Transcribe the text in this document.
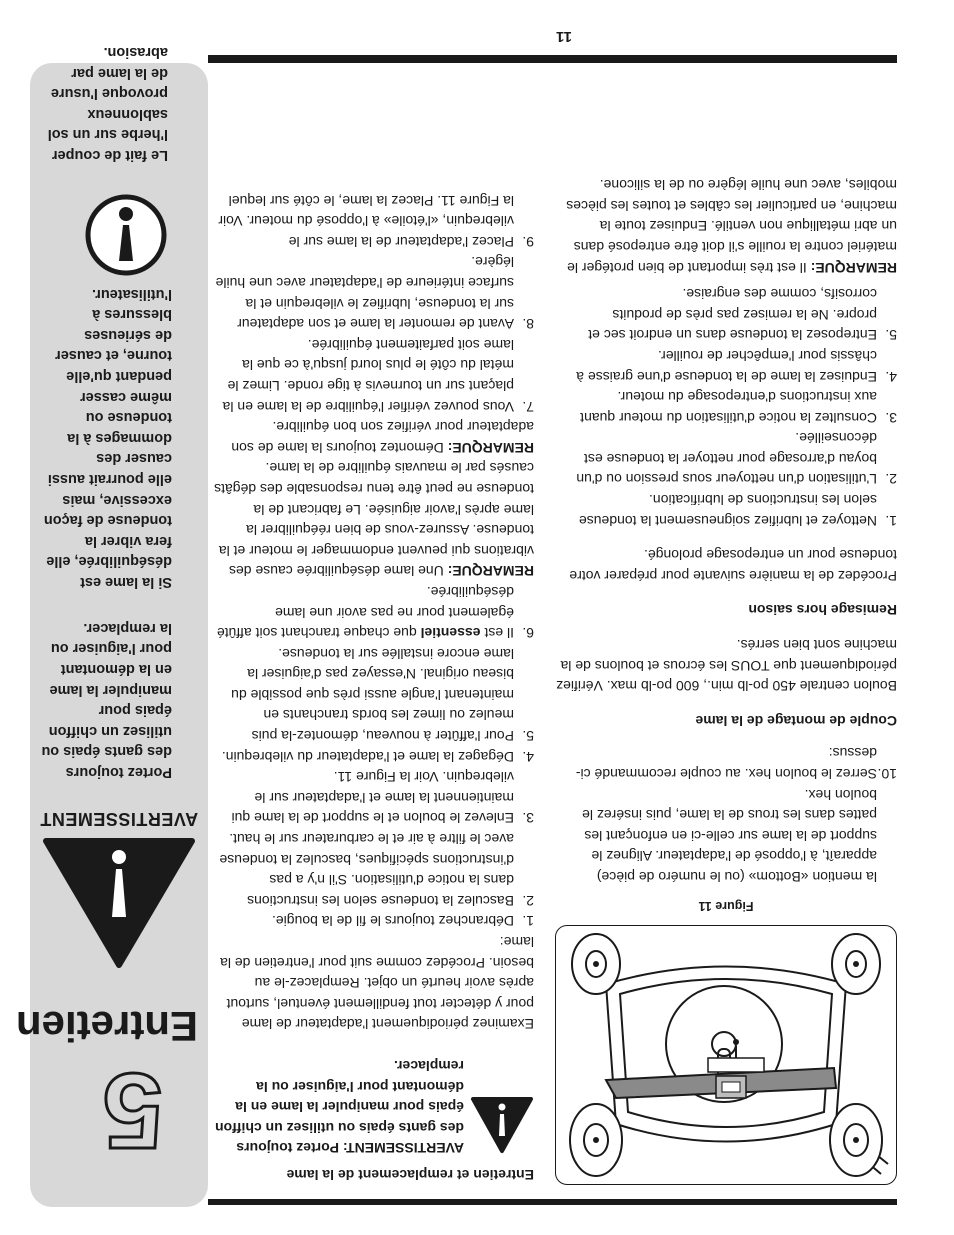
5
Entretien
AVERTISSEMENT
Portez toujours des gants épais ou utilisez un chiffon épais pour manipuler la lame en la démontant pour l'aiguiser ou la remplacer.
Si la lame est déséquilibrée, elle fera vibrer la tondeuse de façon excessive, mais elle pourrait aussi causer des dommages à la tondeuse ou même casser pendant qu'elle tourne, et causer de sérieuses blessures à l'utilisateur.
Le fait de couper l'herbe sur un sol sablonneux provoque l'usure de la lame par abrasion.
11

Entretien et remplacement de la lame

AVERTISSEMENT: Portez toujours des gants épais ou utilisez un chiffon épais pour manipuler la lame en la démontant pour l'aiguiser ou la remplacer.

Examinez périodiquement l'adaptateur de lame pour y détecter tout fendillement éventuel, surtout après avoir heurté un objet. Remplacez-le au besoin. Procédez comme suit pour l'entretien de la lame:

1.
Débranchez toujours le fil de la bougie.
2.
Basculez la tondeuse selon les instructions dans la notice d'utilisation. S'il n'y a pas d'instructions spécifiques, basculez la tondeuse avec le filtre à air et le carburateur sur le haut.
3.
Enlevez le boulon et le support de la lame qui maintiennent la lame et l'adaptateur sur le vilebrequin. Voir la Figure 11.
4.
Dégagez la lame et l'adaptateur du vilebrequin.
5.
Pour l'affûter à nouveau, démontez-la puis meulez ou limez les bords tranchants en maintenant l'angle aussi près que possible du biseau original. N'essayez pas d'aiguiser la lame encore installée sur la tondeuse.
6.
Il est essentiel que chaque tranchant soit affûté également pour ne pas avoir une lame déséquilibrée.

REMARQUE: Une lame déséquilibrée cause des vibrations qui peuvent endommager le moteur et la tondeuse. Assurez-vous de bien rééquilibrer la lame après l'avoir aiguisée. Le fabricant de la tondeuse ne peut être tenu responsable des dégâts causés par le mauvais équilibre de la lame.

REMARQUE: Démontez toujours la lame de son adaptateur pour vérifiez son bon équilibre.

7.
Vous pouvez vérifier l'équilibre de la lame en la plaçant sur un tournevis à tige ronde. Limez le métal du côté le plus lourd jusqu'à ce que la lame soit parfaitement équilibrée.
8.
Avant de remonter la lame et son adaptateur sur la tondeuse, lubrifiez le vilebrequin et la surface intérieure de l'adaptateur avec une huile légère.
9.
Placez l'adaptateur de la lame sur le vilebrequin, «l'étoile» à l'opposé du moteur. Voir la Figure 11. Placez la lame, le côté sur lequel
Figure 11

la mention «Bottom» (ou le numéro de pièce) apparaît, à l'opposé de l'adaptateur. Alignez le support de la lame sur celle-ci en enfonçant les pattes dans les trous de la lame, puis insérez le boulon hex.

10.
Serrez le boulon hex. au couple recommandé ci-dessus:

Couple de montage de la lame

Boulon centrale 450 po-lb min., 600 po-lb max. Vérifiez périodiquement que TOUS les écrous et boulons de la machine sont bien serrés.

Remisage hors saison

Procédez de la manière suivante pour préparer votre tondeuse pour un entreposage prolongé.

1.
Nettoyez et lubrifiez soigneusement la tondeuse selon les instructions de lubrification.
2.
L'utilisation d'un nettoyeur sous pression ou d'un boyau d'arrosage pour nettoyer la tondeuse est déconseillée.
3.
Consultez la notice d'utilisation du moteur quant aux instructions d'entreposage du moteur.
4.
Enduisez la lame de la tondeuse d'une graisse à châssis pour l'empêcher de rouiller.
5.
Entreposez la tondeuse dans un endroit sec et propre. Ne la remisez pas près de produits corrosifs, comme des engraise.

REMARQUE: Il est très important de bien protéger le matériel contre la rouille s'il doit être entreposé dans un abri métallique non ventilé. Enduisez toute la machine, en particulier les câbles et toutes les pièces mobiles, avec une huile légère ou de la silicone.
